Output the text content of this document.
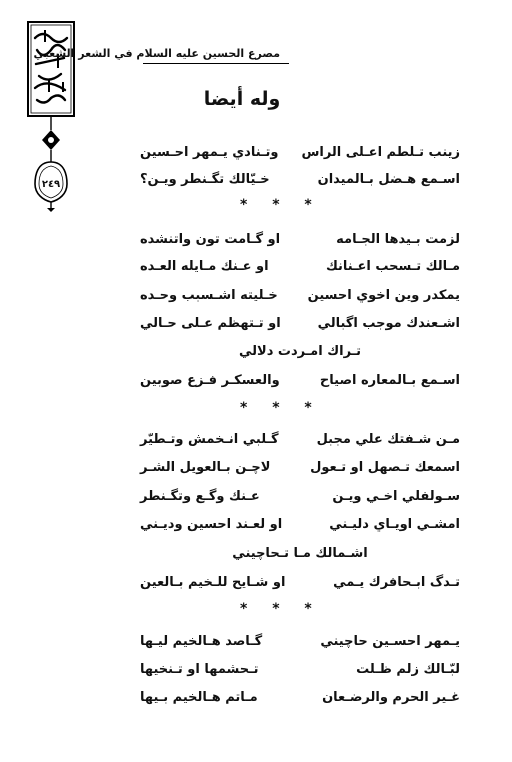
٢٤٩
مصرع الحسين عليه السلام في الشعر الشعبي
وله أيضا
زينب تـلطم اعـلى الراس
وتـنادي يـمهر احـسين
اسـمع هـضل بـالميدان
خـيّالك تگـنطر ويـن؟
* * *
لزمت بـيدها الجـامه
او گـامت تون واتنشده
مـالك تـسحب اعـنانك
او عـنك مـايله العـده
يمكدر وين اخوي احسين
خـليته اشـسبب وحـده
اشـعندك موجب اگبالي
او تـتهظم عـلى حـالي
تـراك امـردت دلالي
اسـمع بـالمعاره اصياح
والعسكـر فـزع صوبين
* * *
مـن شـفتك علي مجبل
گـلبي انـخمش وتـطيّر
اسمعك تـصهل او تـعول
لاچـن بـالعويل الشـر
سـولفلي اخـي ويـن
عـنك وگـع وتگـنطر
امشـي اويـاي دليـني
او لعـند احسين وديـني
اشـمالك مـا تـحاچيني
تـدگ ابـحافرك يـمي
او شـايح للـخيم بـالعين
* * *
يـمهر احسـين حاچيني
گـاصد هـالخيم ليـها
لبّـالك زلم ظـلت
تـحشمها او تـنخيها
غـير الحرم والرضـعان
مـاتم هـالخيم بـيها
